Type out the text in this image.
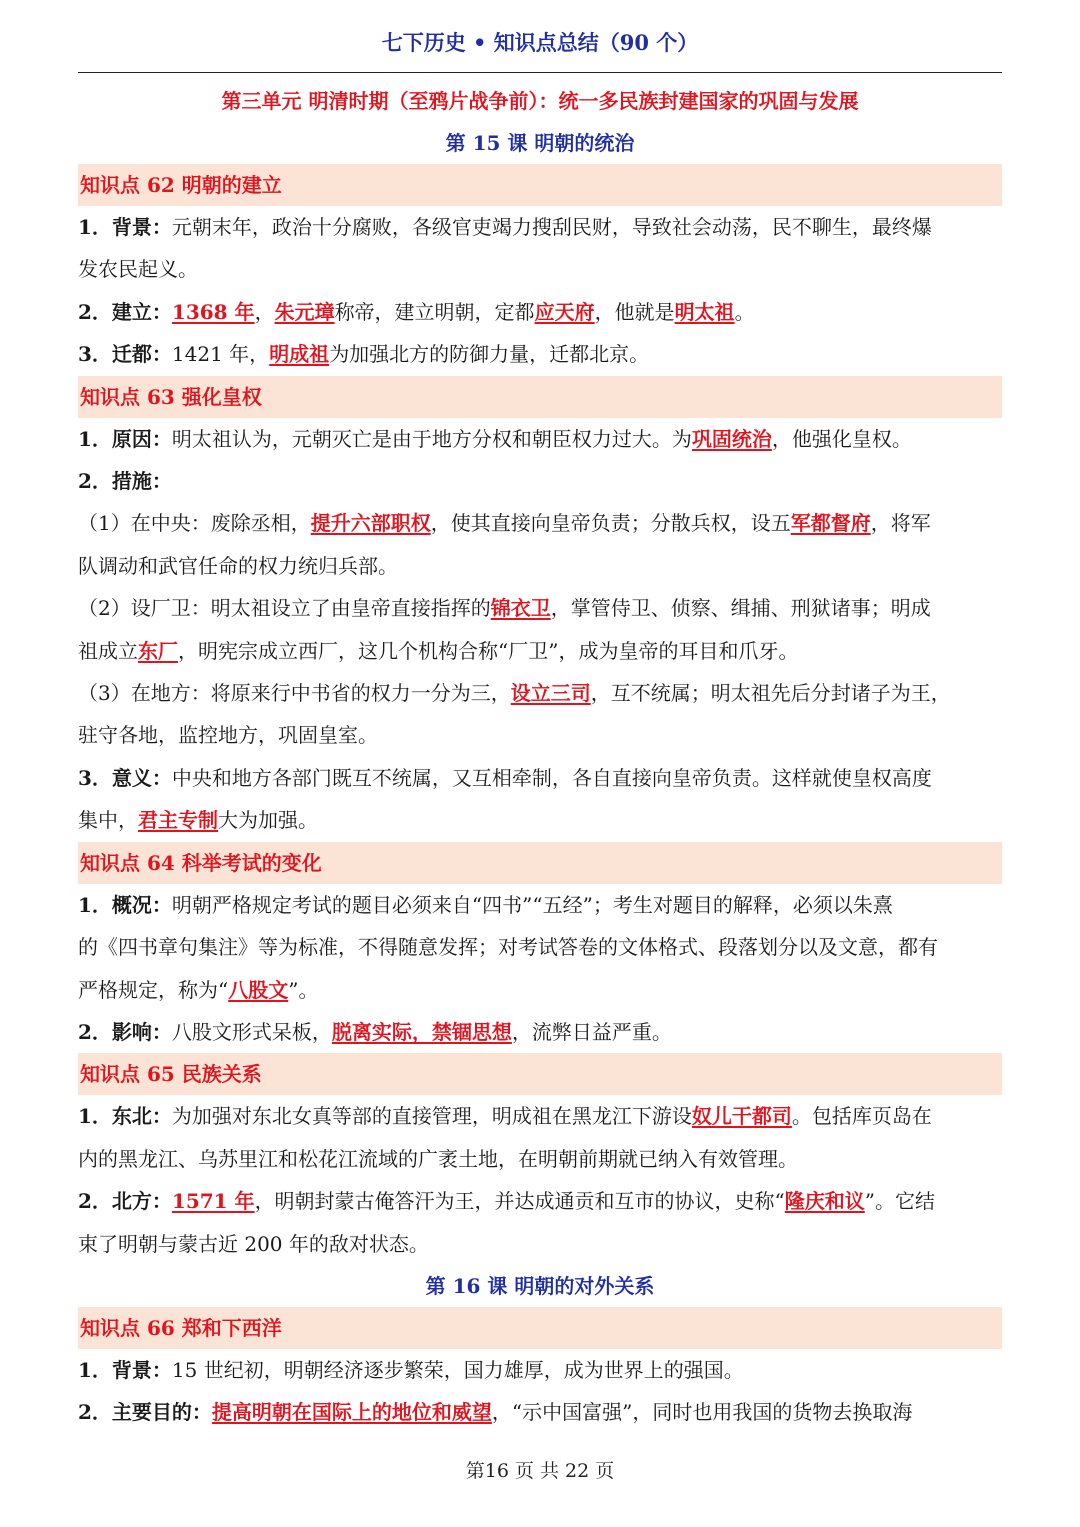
七下历史 • 知识点总结（90 个）
第三单元 明清时期（至鸦片战争前）：统一多民族封建国家的巩固与发展
第 15 课 明朝的统治
知识点 62 明朝的建立
1．背景：元朝末年，政治十分腐败，各级官吏竭力搜刮民财，导致社会动荡，民不聊生，最终爆
发农民起义。
2．建立：1368 年，朱元璋称帝，建立明朝，定都应天府，他就是明太祖。
3．迁都：1421 年，明成祖为加强北方的防御力量，迁都北京。
知识点 63 强化皇权
1．原因：明太祖认为，元朝灭亡是由于地方分权和朝臣权力过大。为巩固统治，他强化皇权。
2．措施：
（1）在中央：废除丞相，提升六部职权，使其直接向皇帝负责；分散兵权，设五军都督府，将军
队调动和武官任命的权力统归兵部。
（2）设厂卫：明太祖设立了由皇帝直接指挥的锦衣卫，掌管侍卫、侦察、缉捕、刑狱诸事；明成
祖成立东厂，明宪宗成立西厂，这几个机构合称“厂卫”，成为皇帝的耳目和爪牙。
（3）在地方：将原来行中书省的权力一分为三，设立三司，互不统属；明太祖先后分封诸子为王，
驻守各地，监控地方，巩固皇室。
3．意义：中央和地方各部门既互不统属，又互相牵制，各自直接向皇帝负责。这样就使皇权高度
集中，君主专制大为加强。
知识点 64 科举考试的变化
1．概况：明朝严格规定考试的题目必须来自“四书”“五经”；考生对题目的解释，必须以朱熹
的《四书章句集注》等为标准，不得随意发挥；对考试答卷的文体格式、段落划分以及文意，都有
严格规定，称为“八股文”。
2．影响：八股文形式呆板，脱离实际，禁锢思想，流弊日益严重。
知识点 65 民族关系
1．东北：为加强对东北女真等部的直接管理，明成祖在黑龙江下游设奴儿干都司。包括库页岛在
内的黑龙江、乌苏里江和松花江流域的广袤土地，在明朝前期就已纳入有效管理。
2．北方：1571 年，明朝封蒙古俺答汗为王，并达成通贡和互市的协议，史称“隆庆和议”。它结
束了明朝与蒙古近 200 年的敌对状态。
第 16 课 明朝的对外关系
知识点 66 郑和下西洋
1．背景：15 世纪初，明朝经济逐步繁荣，国力雄厚，成为世界上的强国。
2．主要目的：提高明朝在国际上的地位和威望，“示中国富强”，同时也用我国的货物去换取海
第16 页 共 22 页
